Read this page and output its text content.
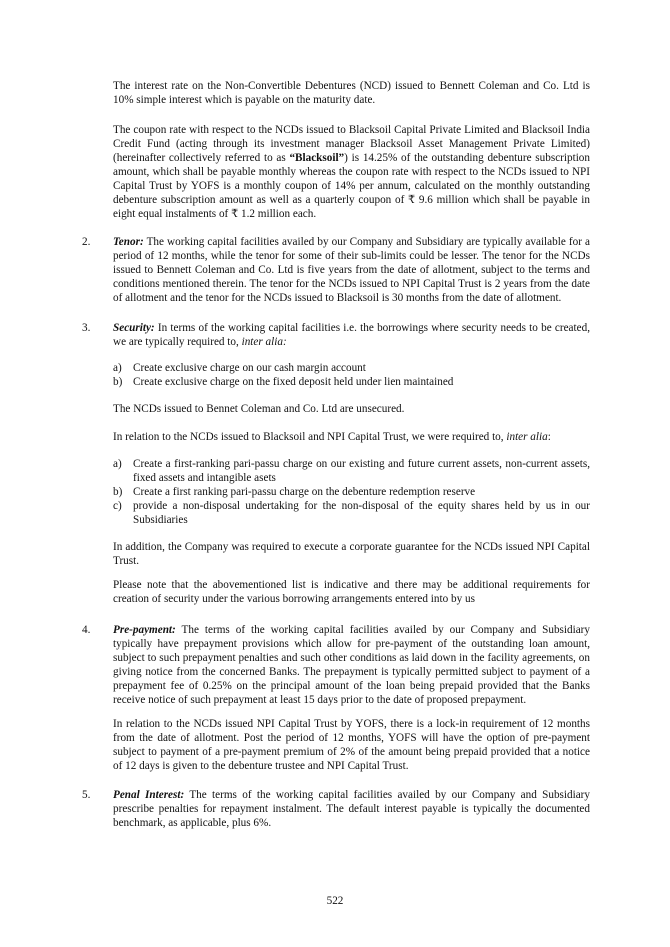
The interest rate on the Non-Convertible Debentures (NCD) issued to Bennett Coleman and Co. Ltd is 10% simple interest which is payable on the maturity date.

The coupon rate with respect to the NCDs issued to Blacksoil Capital Private Limited and Blacksoil India Credit Fund (acting through its investment manager Blacksoil Asset Management Private Limited) (hereinafter collectively referred to as “Blacksoil”) is 14.25% of the outstanding debenture subscription amount, which shall be payable monthly whereas the coupon rate with respect to the NCDs issued to NPI Capital Trust by YOFS is a monthly coupon of 14% per annum, calculated on the monthly outstanding debenture subscription amount as well as a quarterly coupon of ₹ 9.6 million which shall be payable in eight equal instalments of ₹ 1.2 million each.

2. Tenor: The working capital facilities availed by our Company and Subsidiary are typically available for a period of 12 months, while the tenor for some of their sub-limits could be lesser. The tenor for the NCDs issued to Bennett Coleman and Co. Ltd is five years from the date of allotment, subject to the terms and conditions mentioned therein. The tenor for the NCDs issued to NPI Capital Trust is 2 years from the date of allotment and the tenor for the NCDs issued to Blacksoil is 30 months from the date of allotment.

3. Security: In terms of the working capital facilities i.e. the borrowings where security needs to be created, we are typically required to, inter alia:

a) Create exclusive charge on our cash margin account
b) Create exclusive charge on the fixed deposit held under lien maintained

The NCDs issued to Bennet Coleman and Co. Ltd are unsecured.

In relation to the NCDs issued to Blacksoil and NPI Capital Trust, we were required to, inter alia:

a) Create a first-ranking pari-passu charge on our existing and future current assets, non-current assets, fixed assets and intangible asets
b) Create a first ranking pari-passu charge on the debenture redemption reserve
c) provide a non-disposal undertaking for the non-disposal of the equity shares held by us in our Subsidiaries

In addition, the Company was required to execute a corporate guarantee for the NCDs issued NPI Capital Trust.

Please note that the abovementioned list is indicative and there may be additional requirements for creation of security under the various borrowing arrangements entered into by us

4. Pre-payment: The terms of the working capital facilities availed by our Company and Subsidiary typically have prepayment provisions which allow for pre-payment of the outstanding loan amount, subject to such prepayment penalties and such other conditions as laid down in the facility agreements, on giving notice from the concerned Banks. The prepayment is typically permitted subject to payment of a prepayment fee of 0.25% on the principal amount of the loan being prepaid provided that the Banks receive notice of such prepayment at least 15 days prior to the date of proposed prepayment.

In relation to the NCDs issued NPI Capital Trust by YOFS, there is a lock-in requirement of 12 months from the date of allotment. Post the period of 12 months, YOFS will have the option of pre-payment subject to payment of a pre-payment premium of 2% of the amount being prepaid provided that a notice of 12 days is given to the debenture trustee and NPI Capital Trust.

5. Penal Interest: The terms of the working capital facilities availed by our Company and Subsidiary prescribe penalties for repayment instalment. The default interest payable is typically the documented benchmark, as applicable, plus 6%.

522
